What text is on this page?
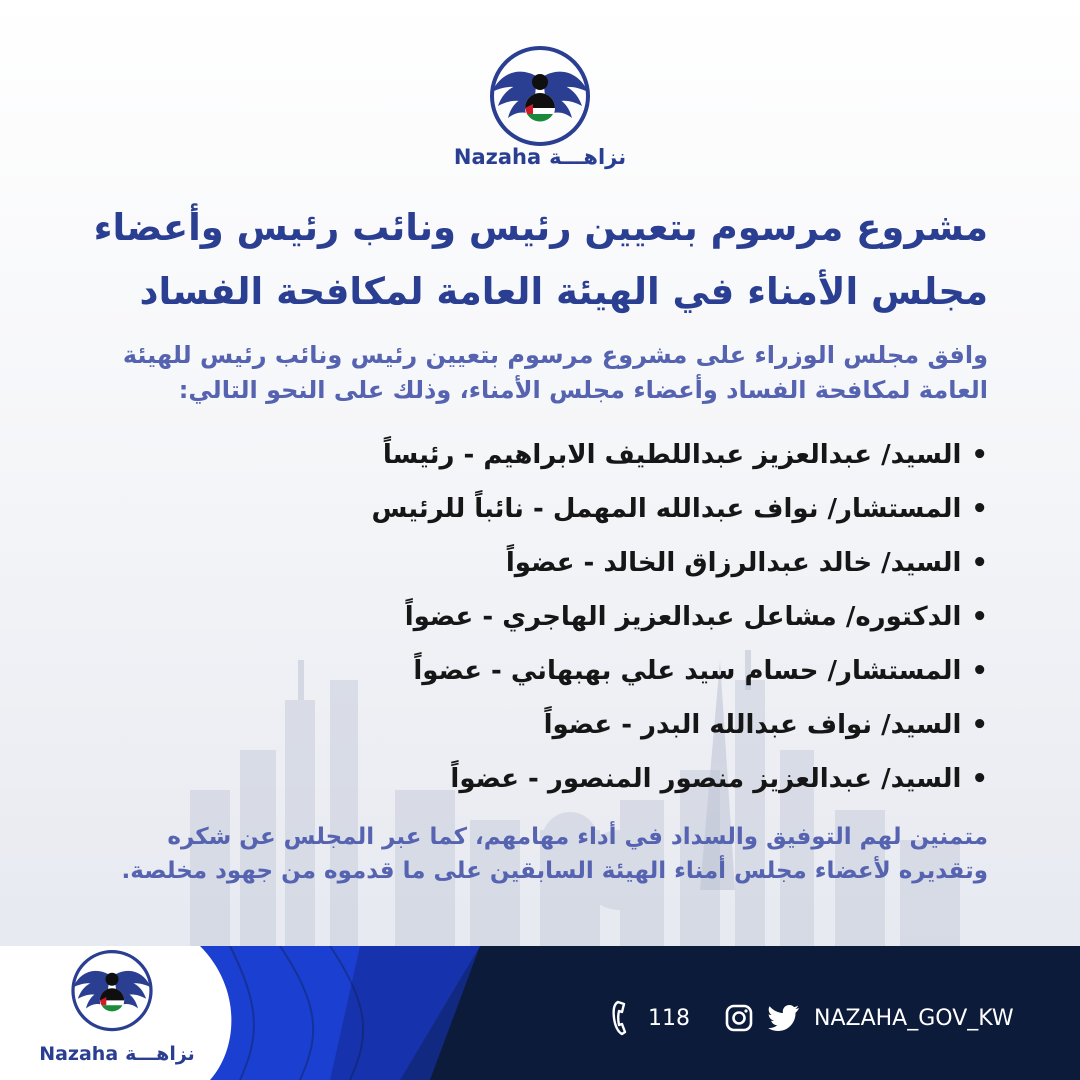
Nazaha نزاهـــة
مشروع مرسوم بتعيين رئيس ونائب رئيس وأعضاء
مجلس الأمناء في الهيئة العامة لمكافحة الفساد

وافق مجلس الوزراء على مشروع مرسوم بتعيين رئيس ونائب رئيس للهيئة العامة لمكافحة الفساد وأعضاء مجلس الأمناء، وذلك على النحو التالي:

•السيد/ عبدالعزيز عبداللطيف الابراهيم - رئيساً
•المستشار/ نواف عبدالله المهمل - نائباً للرئيس
•السيد/ خالد عبدالرزاق الخالد - عضواً
•الدكتوره/ مشاعل عبدالعزيز الهاجري - عضواً
•المستشار/ حسام سيد علي بهبهاني - عضواً
•السيد/ نواف عبدالله البدر - عضواً
•السيد/ عبدالعزيز منصور المنصور - عضواً

متمنين لهم التوفيق والسداد في أداء مهامهم، كما عبر المجلس عن شكره وتقديره لأعضاء مجلس أمناء الهيئة السابقين على ما قدموه من جهود مخلصة.

Nazaha نزاهـــة
118	NAZAHA_GOV_KW
